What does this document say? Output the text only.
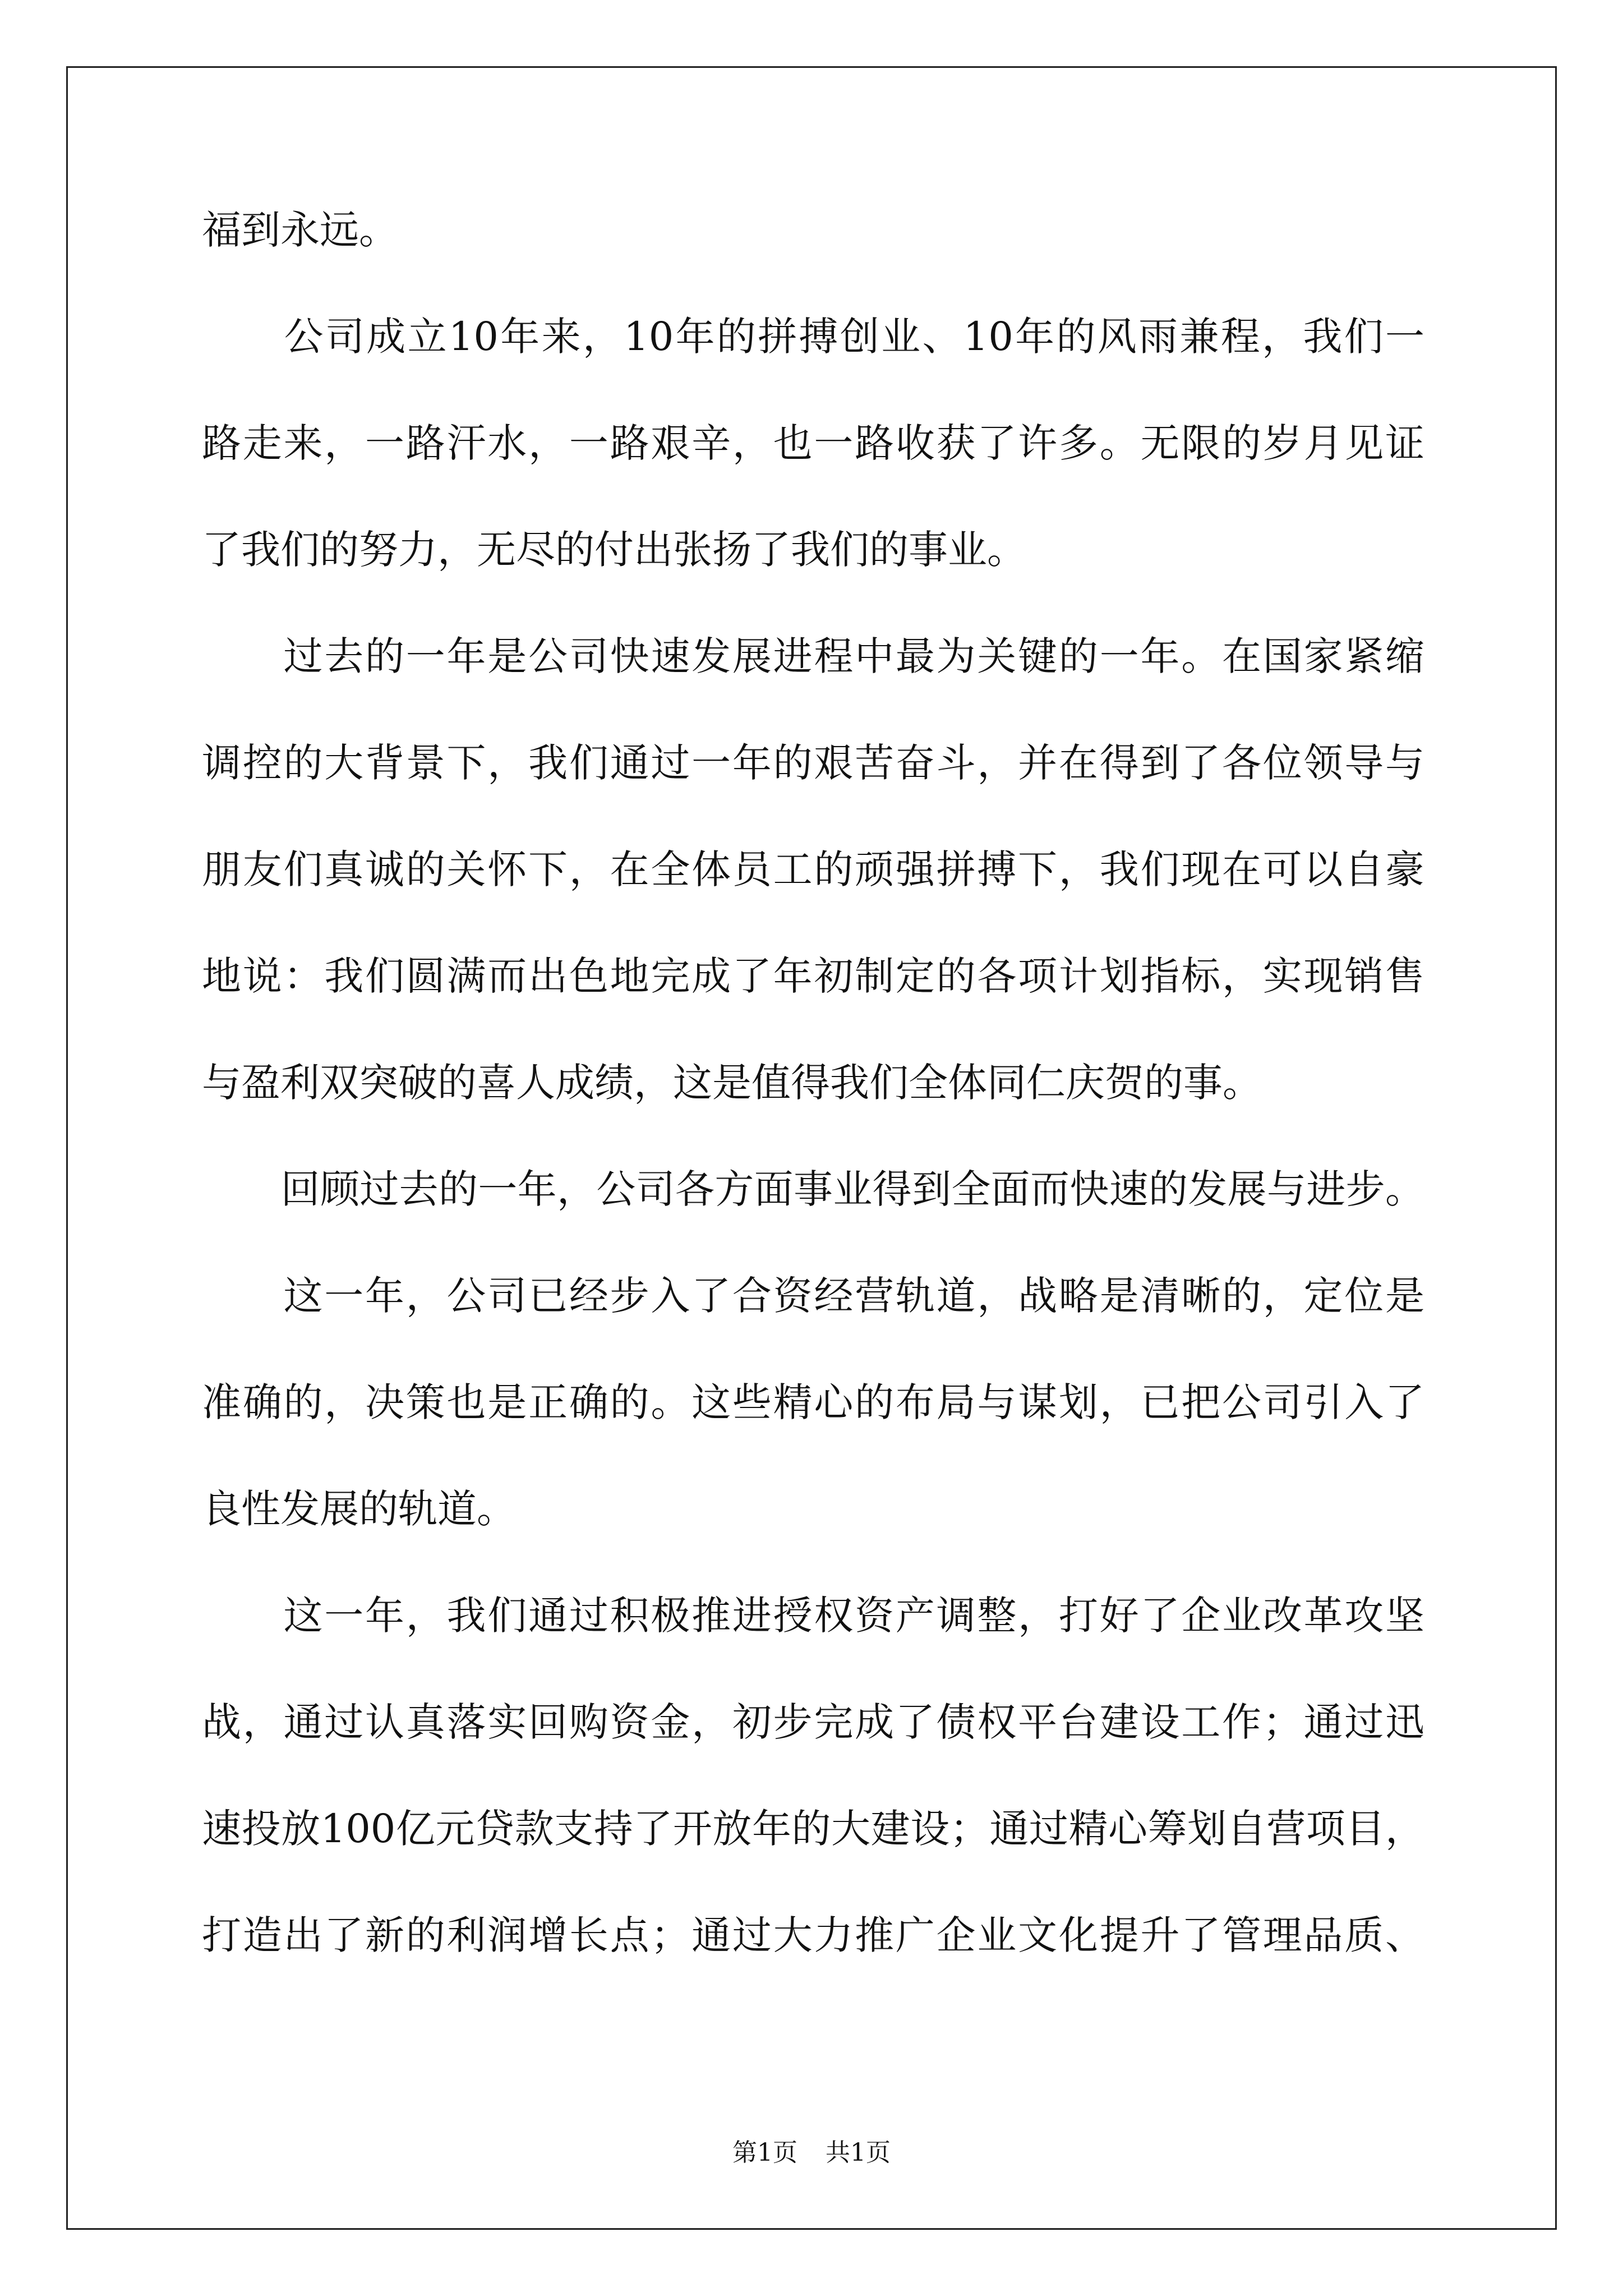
福到永远。
　　公司成立10年来，10年的拼搏创业、10年的风雨兼程，我们一
路走来，一路汗水，一路艰辛，也一路收获了许多。无限的岁月见证
了我们的努力，无尽的付出张扬了我们的事业。
　　过去的一年是公司快速发展进程中最为关键的一年。在国家紧缩
调控的大背景下，我们通过一年的艰苦奋斗，并在得到了各位领导与
朋友们真诚的关怀下，在全体员工的顽强拼搏下，我们现在可以自豪
地说：我们圆满而出色地完成了年初制定的各项计划指标，实现销售
与盈利双突破的喜人成绩，这是值得我们全体同仁庆贺的事。
　　回顾过去的一年，公司各方面事业得到全面而快速的发展与进步。
　　这一年，公司已经步入了合资经营轨道，战略是清晰的，定位是
准确的，决策也是正确的。这些精心的布局与谋划，已把公司引入了
良性发展的轨道。
　　这一年，我们通过积极推进授权资产调整，打好了企业改革攻坚
战，通过认真落实回购资金，初步完成了债权平台建设工作；通过迅
速投放100亿元贷款支持了开放年的大建设；通过精心筹划自营项目，
打造出了新的利润增长点；通过大力推广企业文化提升了管理品质、
第1页 共1页
